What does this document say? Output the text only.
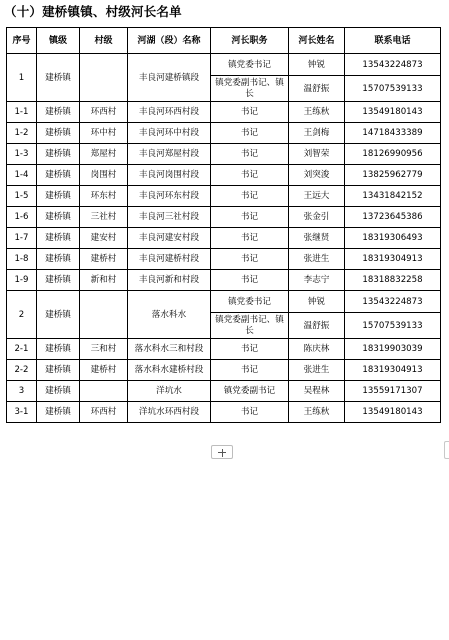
（十）建桥镇镇、村级河长名单
序号	镇级	村级	河湖（段）名称	河长职务	河长姓名	联系电话
1	建桥镇		丰良河建桥镇段	镇党委书记	钟锐	13543224873
				镇党委副书记、镇长	温舒振	15707539133
1-1	建桥镇	环西村	丰良河环西村段	书记	王练秋	13549180143
1-2	建桥镇	环中村	丰良河环中村段	书记	王剑梅	14718433389
1-3	建桥镇	郑屋村	丰良河郑屋村段	书记	刘智荣	18126990956
1-4	建桥镇	岗围村	丰良河岗围村段	书记	刘突浚	13825962779
1-5	建桥镇	环东村	丰良河环东村段	书记	王远大	13431842152
1-6	建桥镇	三社村	丰良河三社村段	书记	张金引	13723645386
1-7	建桥镇	建安村	丰良河建安村段	书记	张继贤	18319306493
1-8	建桥镇	建桥村	丰良河建桥村段	书记	张进生	18319304913
1-9	建桥镇	新和村	丰良河新和村段	书记	李志宁	18318832258
2	建桥镇		落水科水	镇党委书记	钟锐	13543224873
				镇党委副书记、镇长	温舒振	15707539133
2-1	建桥镇	三和村	落水科水三和村段	书记	陈庆林	18319903039
2-2	建桥镇	建桥村	落水科水建桥村段	书记	张进生	18319304913
3	建桥镇		洋坑水	镇党委副书记	吴程林	13559171307
3-1	建桥镇	环西村	洋坑水环西村段	书记	王练秋	13549180143
